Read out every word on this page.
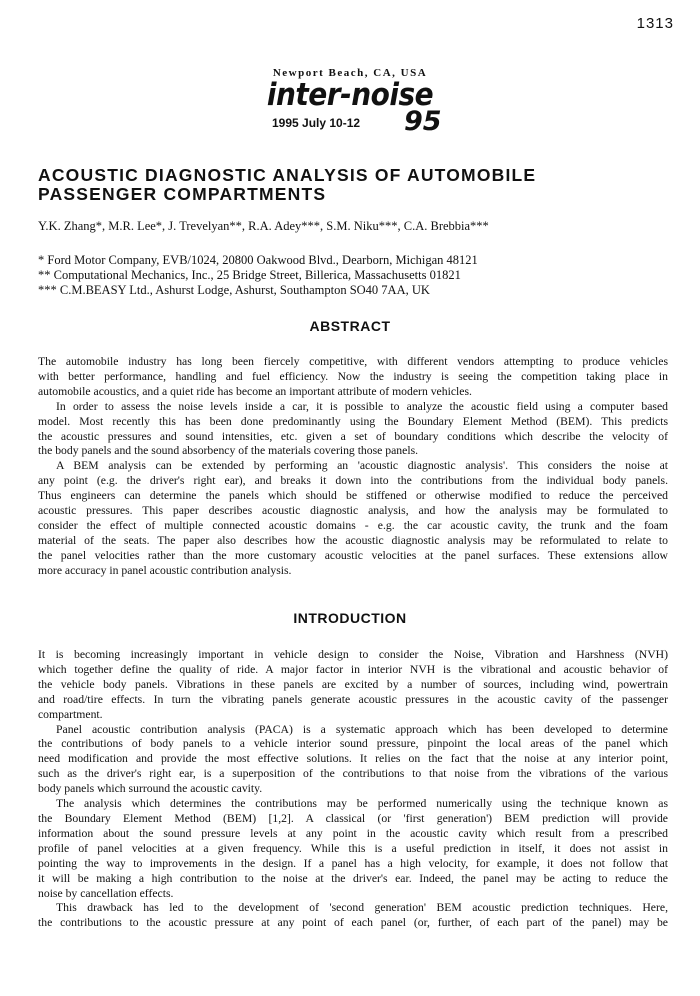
1313
Newport Beach, CA, USA
inter-noise
1995 July 10-12 95
ACOUSTIC DIAGNOSTIC ANALYSIS OF AUTOMOBILE
PASSENGER COMPARTMENTS
Y.K. Zhang*, M.R. Lee*, J. Trevelyan**, R.A. Adey***, S.M. Niku***, C.A. Brebbia***
* Ford Motor Company, EVB/1024, 20800 Oakwood Blvd., Dearborn, Michigan 48121
** Computational Mechanics, Inc., 25 Bridge Street, Billerica, Massachusetts 01821
*** C.M.BEASY Ltd., Ashurst Lodge, Ashurst, Southampton SO40 7AA, UK
ABSTRACT
The automobile industry has long been fiercely competitive, with different vendors attempting to produce vehicles
with better performance, handling and fuel efficiency. Now the industry is seeing the competition taking place in
automobile acoustics, and a quiet ride has become an important attribute of modern vehicles.
In order to assess the noise levels inside a car, it is possible to analyze the acoustic field using a computer based
model. Most recently this has been done predominantly using the Boundary Element Method (BEM). This predicts
the acoustic pressures and sound intensities, etc. given a set of boundary conditions which describe the velocity of
the body panels and the sound absorbency of the materials covering those panels.
A BEM analysis can be extended by performing an 'acoustic diagnostic analysis'. This considers the noise at
any point (e.g. the driver's right ear), and breaks it down into the contributions from the individual body panels.
Thus engineers can determine the panels which should be stiffened or otherwise modified to reduce the perceived
acoustic pressures. This paper describes acoustic diagnostic analysis, and how the analysis may be formulated to
consider the effect of multiple connected acoustic domains - e.g. the car acoustic cavity, the trunk and the foam
material of the seats. The paper also describes how the acoustic diagnostic analysis may be reformulated to relate to
the panel velocities rather than the more customary acoustic velocities at the panel surfaces. These extensions allow
more accuracy in panel acoustic contribution analysis.
INTRODUCTION
It is becoming increasingly important in vehicle design to consider the Noise, Vibration and Harshness (NVH)
which together define the quality of ride. A major factor in interior NVH is the vibrational and acoustic behavior of
the vehicle body panels. Vibrations in these panels are excited by a number of sources, including wind, powertrain
and road/tire effects. In turn the vibrating panels generate acoustic pressures in the acoustic cavity of the passenger
compartment.
Panel acoustic contribution analysis (PACA) is a systematic approach which has been developed to determine
the contributions of body panels to a vehicle interior sound pressure, pinpoint the local areas of the panel which
need modification and provide the most effective solutions. It relies on the fact that the noise at any interior point,
such as the driver's right ear, is a superposition of the contributions to that noise from the vibrations of the various
body panels which surround the acoustic cavity.
The analysis which determines the contributions may be performed numerically using the technique known as
the Boundary Element Method (BEM) [1,2]. A classical (or 'first generation') BEM prediction will provide
information about the sound pressure levels at any point in the acoustic cavity which result from a prescribed
profile of panel velocities at a given frequency. While this is a useful prediction in itself, it does not assist in
pointing the way to improvements in the design. If a panel has a high velocity, for example, it does not follow that
it will be making a high contribution to the noise at the driver's ear. Indeed, the panel may be acting to reduce the
noise by cancellation effects.
This drawback has led to the development of 'second generation' BEM acoustic prediction techniques. Here,
the contributions to the acoustic pressure at any point of each panel (or, further, of each part of the panel) may be
